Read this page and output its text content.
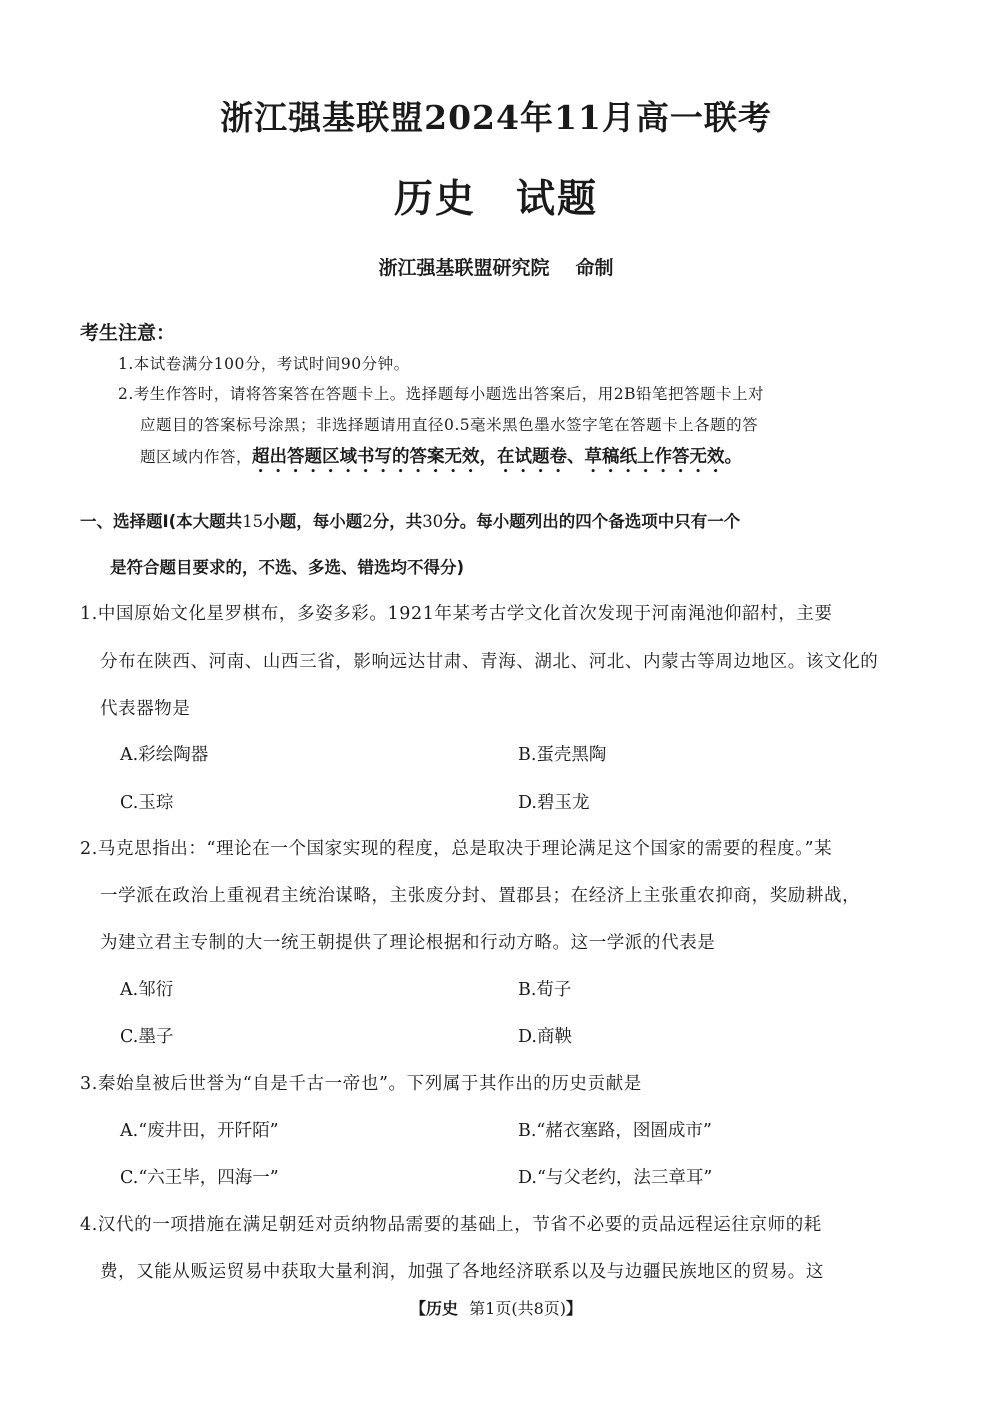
浙江强基联盟2024年11月高一联考
历史 试题
浙江强基联盟研究院 命制
考生注意：
1.本试卷满分100分，考试时间90分钟。
2.考生作答时，请将答案答在答题卡上。选择题每小题选出答案后，用2B铅笔把答题卡上对
应题目的答案标号涂黑；非选择题请用直径0.5毫米黑色墨水签字笔在答题卡上各题的答
题区域内作答，超出答题区域书写的答案无效，在试题卷、草稿纸上作答无效。
一、选择题Ⅰ(本大题共15小题，每小题2分，共30分。每小题列出的四个备选项中只有一个
是符合题目要求的，不选、多选、错选均不得分)
1.中国原始文化星罗棋布，多姿多彩。1921年某考古学文化首次发现于河南渑池仰韶村，主要
分布在陕西、河南、山西三省，影响远达甘肃、青海、湖北、河北、内蒙古等周边地区。该文化的
代表器物是
A.彩绘陶器	B.蛋壳黑陶
C.玉琮	D.碧玉龙
2.马克思指出：“理论在一个国家实现的程度，总是取决于理论满足这个国家的需要的程度。”某
一学派在政治上重视君主统治谋略，主张废分封、置郡县；在经济上主张重农抑商，奖励耕战，
为建立君主专制的大一统王朝提供了理论根据和行动方略。这一学派的代表是
A.邹衍	B.荀子
C.墨子	D.商鞅
3.秦始皇被后世誉为“自是千古一帝也”。下列属于其作出的历史贡献是
A.“废井田，开阡陌”	B.“赭衣塞路，囹圄成市”
C.“六王毕，四海一”	D.“与父老约，法三章耳”
4.汉代的一项措施在满足朝廷对贡纳物品需要的基础上，节省不必要的贡品远程运往京师的耗
费，又能从贩运贸易中获取大量利润，加强了各地经济联系以及与边疆民族地区的贸易。这
【历史 第1页(共8页)】
